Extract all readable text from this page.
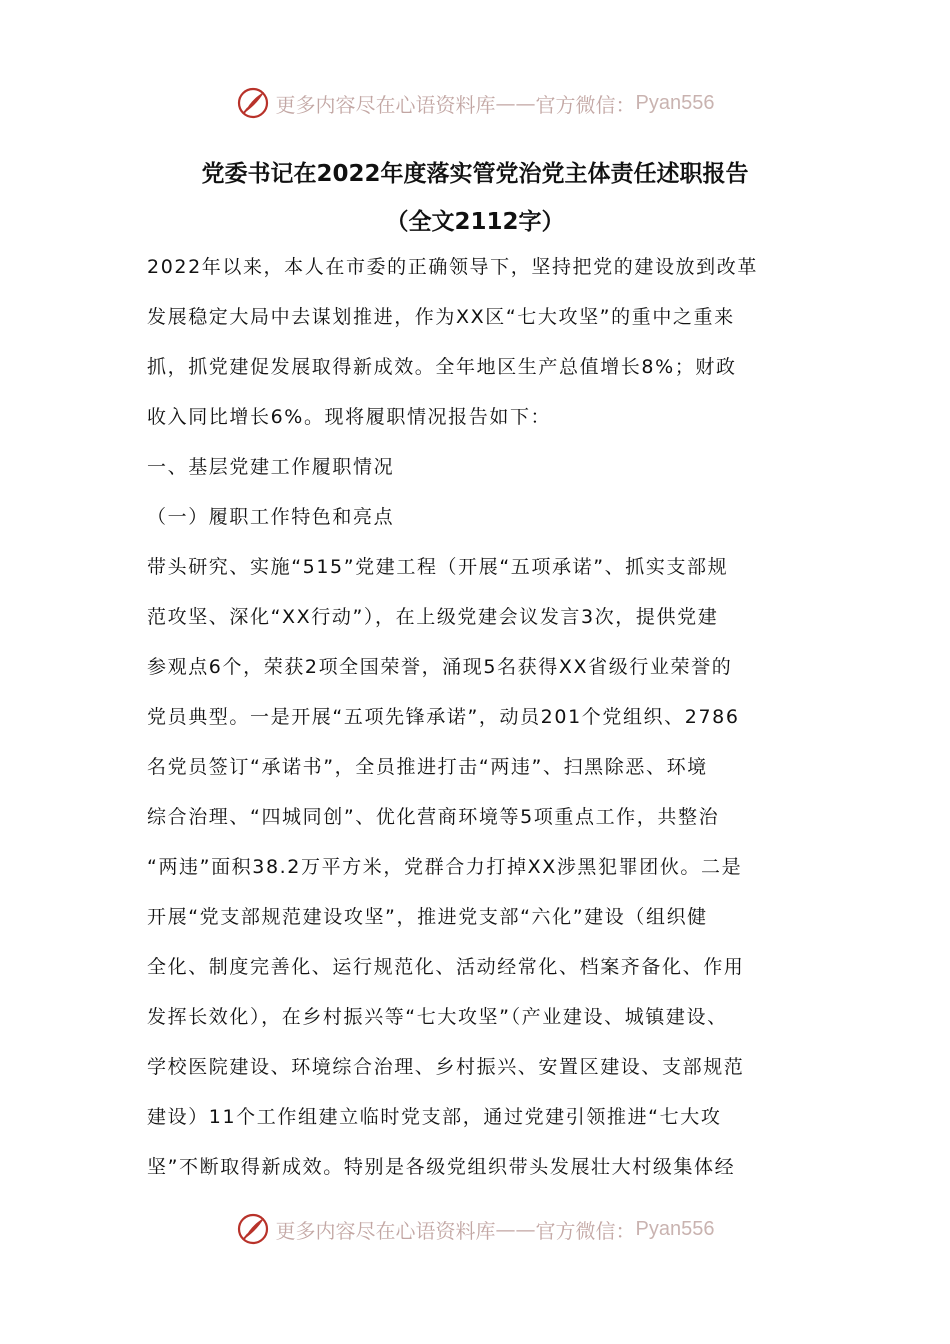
更多内容尽在心语资料库 —— 官方微信： Pyan556
党委书记在2022年度落实管党治党主体责任述职报告
（全文2112字）
2022年以来，本人在市委的正确领导下，坚持把党的建设放到改革
发展稳定大局中去谋划推进，作为XX区“七大攻坚”的重中之重来
抓，抓党建促发展取得新成效。全年地区生产总值增长8%；财政
收入同比增长6%。现将履职情况报告如下：
一、基层党建工作履职情况
（一）履职工作特色和亮点
带头研究、实施“515”党建工程（开展“五项承诺”、抓实支部规
范攻坚、深化“XX行动”），在上级党建会议发言3次，提供党建
参观点6个，荣获2项全国荣誉，涌现5名获得XX省级行业荣誉的
党员典型。一是开展“五项先锋承诺”，动员201个党组织、2786
名党员签订“承诺书”，全员推进打击“两违”、扫黑除恶、环境
综合治理、“四城同创”、优化营商环境等5项重点工作，共整治
“两违”面积38.2万平方米，党群合力打掉XX涉黑犯罪团伙。二是
开展“党支部规范建设攻坚”，推进党支部“六化”建设（组织健
全化、制度完善化、运行规范化、活动经常化、档案齐备化、作用
发挥长效化），在乡村振兴等“七大攻坚”（产业建设、城镇建设、
学校医院建设、环境综合治理、乡村振兴、安置区建设、支部规范
建设）11个工作组建立临时党支部，通过党建引领推进“七大攻
坚”不断取得新成效。特别是各级党组织带头发展壮大村级集体经
更多内容尽在心语资料库 —— 官方微信： Pyan556
